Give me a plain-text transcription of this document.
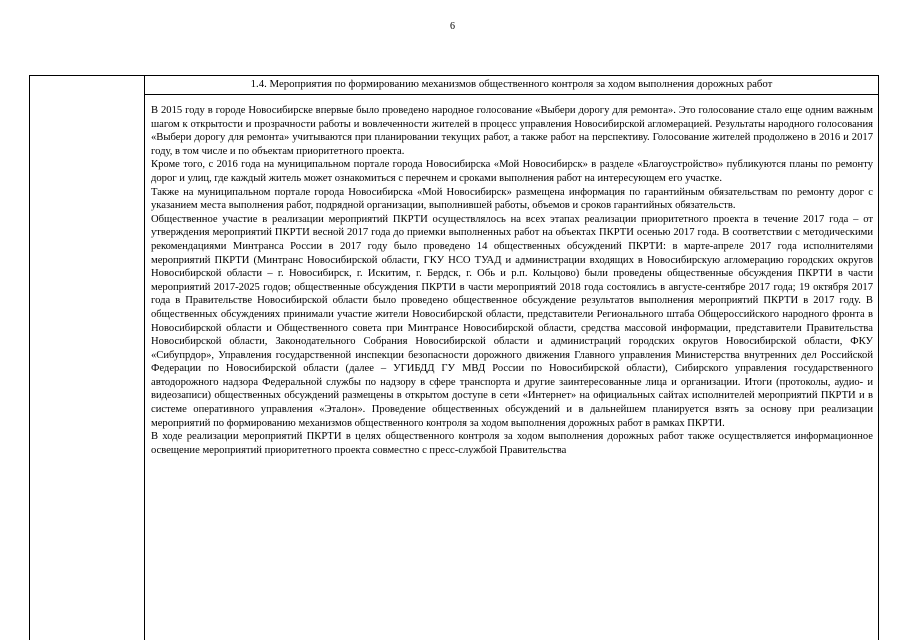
6
1.4. Мероприятия по формированию механизмов общественного контроля за ходом выполнения дорожных работ

В 2015 году в городе Новосибирске впервые было проведено народное голосование «Выбери дорогу для ремонта». Это голосование стало еще одним важным шагом к открытости и прозрачности работы и вовлеченности жителей в процесс управления Новосибирской агломерацией. Результаты народного голосования «Выбери дорогу для ремонта» учитываются при планировании текущих работ, а также работ на перспективу. Голосование жителей продолжено в 2016 и 2017 году, в том числе и по объектам приоритетного проекта.

Кроме того, с 2016 года на муниципальном портале города Новосибирска «Мой Новосибирск» в разделе «Благоустройство» публикуются планы по ремонту дорог и улиц, где каждый житель может ознакомиться с перечнем и сроками выполнения работ на интересующем его участке.

Также на муниципальном портале города Новосибирска «Мой Новосибирск» размещена информация по гарантийным обязательствам по ремонту дорог с указанием места выполнения работ, подрядной организации, выполнившей работы, объемов и сроков гарантийных обязательств.

Общественное участие в реализации мероприятий ПКРТИ осуществлялось на всех этапах реализации приоритетного проекта в течение 2017 года – от утверждения мероприятий ПКРТИ весной 2017 года до приемки выполненных работ на объектах ПКРТИ осенью 2017 года. В соответствии с методическими рекомендациями Минтранса России в 2017 году было проведено 14 общественных обсуждений ПКРТИ: в марте-апреле 2017 года исполнителями мероприятий ПКРТИ (Минтранс Новосибирской области, ГКУ НСО ТУАД и администрации входящих в Новосибирскую агломерацию городских округов Новосибирской области – г. Новосибирск, г. Искитим, г. Бердск, г. Обь и р.п. Кольцово) были проведены общественные обсуждения ПКРТИ в части мероприятий 2017-2025 годов; общественные обсуждения ПКРТИ в части мероприятий 2018 года состоялись в августе-сентябре 2017 года; 19 октября 2017 года в Правительстве Новосибирской области было проведено общественное обсуждение результатов выполнения мероприятий ПКРТИ в 2017 году. В общественных обсуждениях принимали участие жители Новосибирской области, представители Регионального штаба Общероссийского народного фронта в Новосибирской области и Общественного совета при Минтрансе Новосибирской области, средства массовой информации, представители Правительства Новосибирской области, Законодательного Собрания Новосибирской области и администраций городских округов Новосибирской области, ФКУ «Сибупрдор», Управления государственной инспекции безопасности дорожного движения Главного управления Министерства внутренних дел Российской Федерации по Новосибирской области (далее – УГИБДД ГУ МВД России по Новосибирской области), Сибирского управления государственного автодорожного надзора Федеральной службы по надзору в сфере транспорта и другие заинтересованные лица и организации. Итоги (протоколы, аудио- и видеозаписи) общественных обсуждений размещены в открытом доступе в сети «Интернет» на официальных сайтах исполнителей мероприятий ПКРТИ и в системе оперативного управления «Эталон». Проведение общественных обсуждений и в дальнейшем планируется взять за основу при реализации мероприятий по формированию механизмов общественного контроля за ходом выполнения дорожных работ в рамках ПКРТИ.

В ходе реализации мероприятий ПКРТИ в целях общественного контроля за ходом выполнения дорожных работ также осуществляется информационное освещение мероприятий приоритетного проекта совместно с пресс-службой Правительства
